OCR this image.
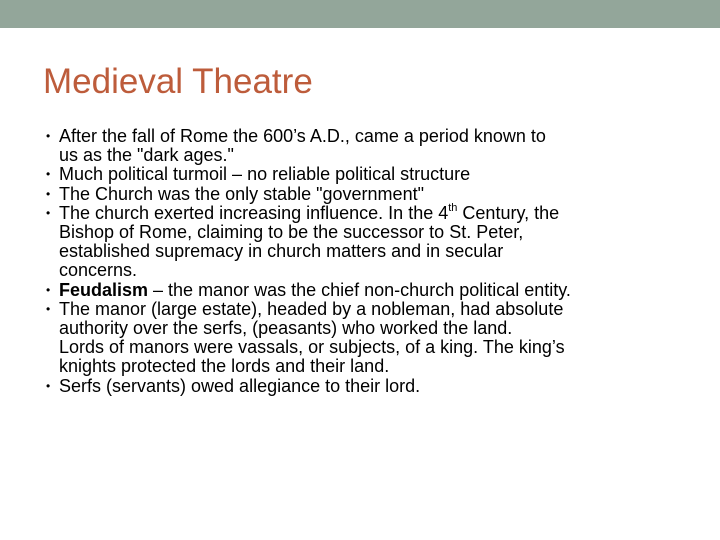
Medieval Theatre
• After the fall of Rome the 600’s A.D., came a period known to
us as the "dark ages."
• Much political turmoil – no reliable political structure
• The Church was the only stable "government"
• The church exerted increasing influence. In the 4th Century, the
Bishop of Rome, claiming to be the successor to St. Peter,
established supremacy in church matters and in secular
concerns.
• Feudalism – the manor was the chief non-church political entity.
• The manor (large estate), headed by a nobleman, had absolute
authority over the serfs, (peasants) who worked the land.
Lords of manors were vassals, or subjects, of a king. The king’s
knights protected the lords and their land.
• Serfs (servants) owed allegiance to their lord.
